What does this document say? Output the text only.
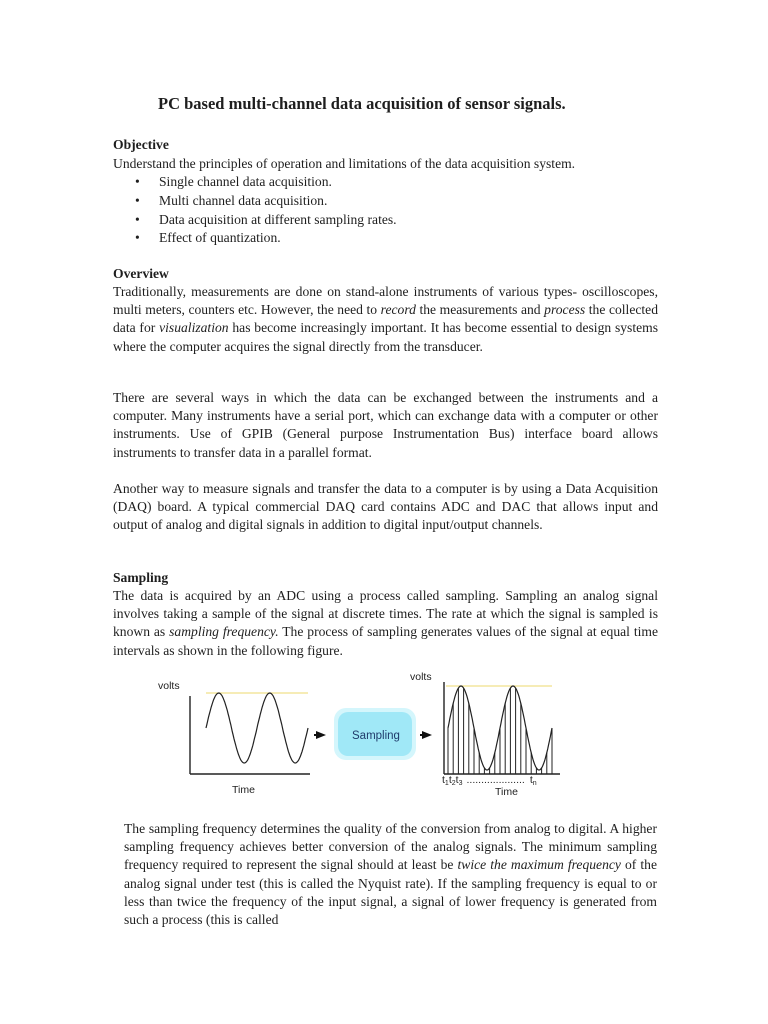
PC based multi-channel data acquisition of sensor signals.
Objective

Understand the principles of operation and limitations of the data acquisition system.

• Single channel data acquisition.
• Multi channel data acquisition.
• Data acquisition at different sampling rates.
• Effect of quantization.
Overview

Traditionally, measurements are done on stand-alone instruments of various types- oscilloscopes, multi meters, counters etc. However, the need to record the measurements and process the collected data for visualization has become increasingly important. It has become essential to design systems where the computer acquires the signal directly from the transducer.

There are several ways in which the data can be exchanged between the instruments and a computer. Many instruments have a serial port, which can exchange data with a computer or other instruments. Use of GPIB (General purpose Instrumentation Bus) interface board allows instruments to transfer data in a parallel format.

Another way to measure signals and transfer the data to a computer is by using a Data Acquisition (DAQ) board. A typical commercial DAQ card contains ADC and DAC that allows input and output of analog and digital signals in addition to digital input/output channels.

Sampling

The data is acquired by an ADC using a process called sampling. Sampling an analog signal involves taking a sample of the signal at discrete times. The rate at which the signal is sampled is known as sampling frequency. The process of sampling generates values of the signal at equal time intervals as shown in the following figure.

volts
Time
Sampling
volts
t1t2t3 .................... tn
Time

The sampling frequency determines the quality of the conversion from analog to digital. A higher sampling frequency achieves better conversion of the analog signals. The minimum sampling frequency required to represent the signal should at least be twice the maximum frequency of the analog signal under test (this is called the Nyquist rate). If the sampling frequency is equal to or less than twice the frequency of the input signal, a signal of lower frequency is generated from such a process (this is called
